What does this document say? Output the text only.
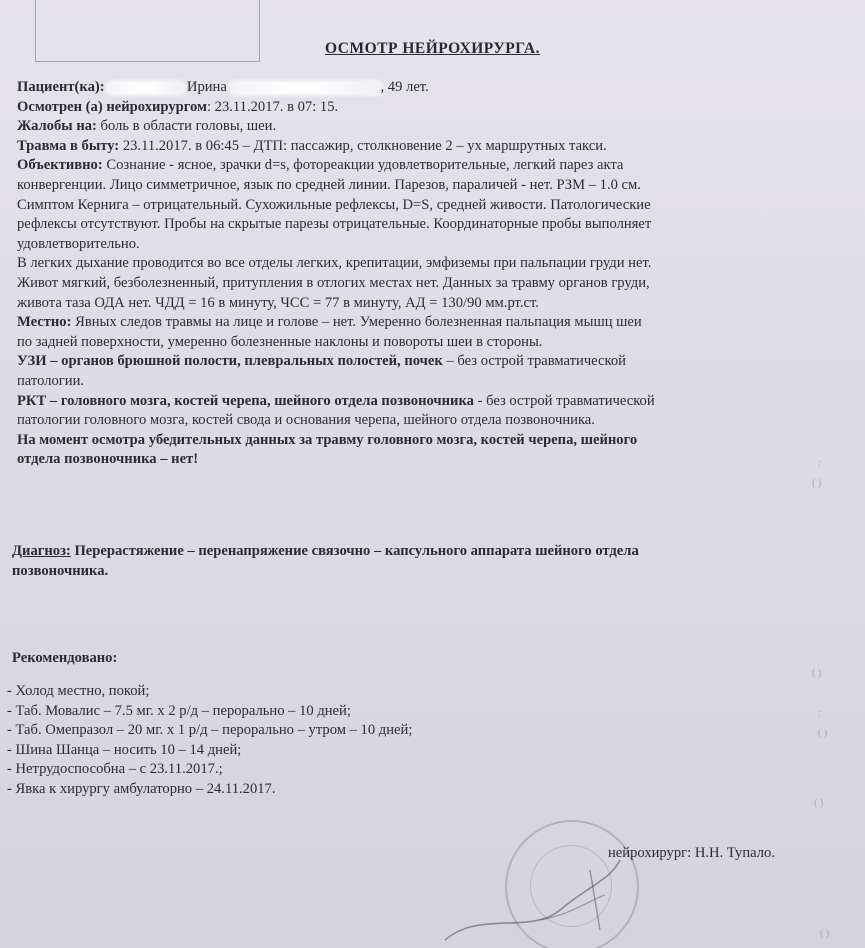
ОСМОТР НЕЙРОХИРУРГА.
Пациент(ка):	Ирина	, 49 лет.
Осмотрен (а) нейрохирургом: 23.11.2017. в 07: 15.
Жалобы на: боль в области головы, шеи.
Травма в быту: 23.11.2017. в 06:45 – ДТП: пассажир, столкновение 2 – ух маршрутных такси.
Объективно: Сознание - ясное, зрачки d=s, фотореакции удовлетворительные, легкий парез акта
конвергенции. Лицо симметричное, язык по средней линии. Парезов, параличей - нет. РЗМ – 1.0 см.
Симптом Кернига – отрицательный. Сухожильные рефлексы, D=S, средней живости. Патологические
рефлексы отсутствуют. Пробы на скрытые парезы отрицательные. Координаторные пробы выполняет
удовлетворительно.
В легких дыхание проводится во все отделы легких, крепитации, эмфиземы при пальпации груди нет.
Живот мягкий, безболезненный, притупления в отлогих местах нет. Данных за травму органов груди,
живота таза ОДА нет. ЧДД = 16 в минуту, ЧСС = 77 в минуту, АД = 130/90 мм.рт.ст.
Местно: Явных следов травмы на лице и голове – нет. Умеренно болезненная пальпация мышц шеи
по задней поверхности, умеренно болезненные наклоны и повороты шеи в стороны.
УЗИ – органов брюшной полости, плевральных полостей, почек – без острой травматической
патологии.
РКТ – головного мозга, костей черепа, шейного отдела позвоночника - без острой травматической
патологии головного мозга, костей свода и основания черепа, шейного отдела позвоночника.
На момент осмотра убедительных данных за травму головного мозга, костей черепа, шейного
отдела позвоночника – нет!
Диагноз: Перерастяжение – перенапряжение связочно – капсульного аппарата шейного отдела
позвоночника.
Рекомендовано:
- Холод местно, покой;
- Таб. Мовалис – 7.5 мг. х 2 р/д – перорально – 10 дней;
- Таб. Омепразол – 20 мг. х 1 р/д – перорально – утром – 10 дней;
- Шина Шанца – носить 10 – 14 дней;
- Нетрудоспособна – с 23.11.2017.;
- Явка к хирургу амбулаторно – 24.11.2017.
нейрохирург: Н.Н. Тупало.
:
( )
( )
:
( )
( )
( )
